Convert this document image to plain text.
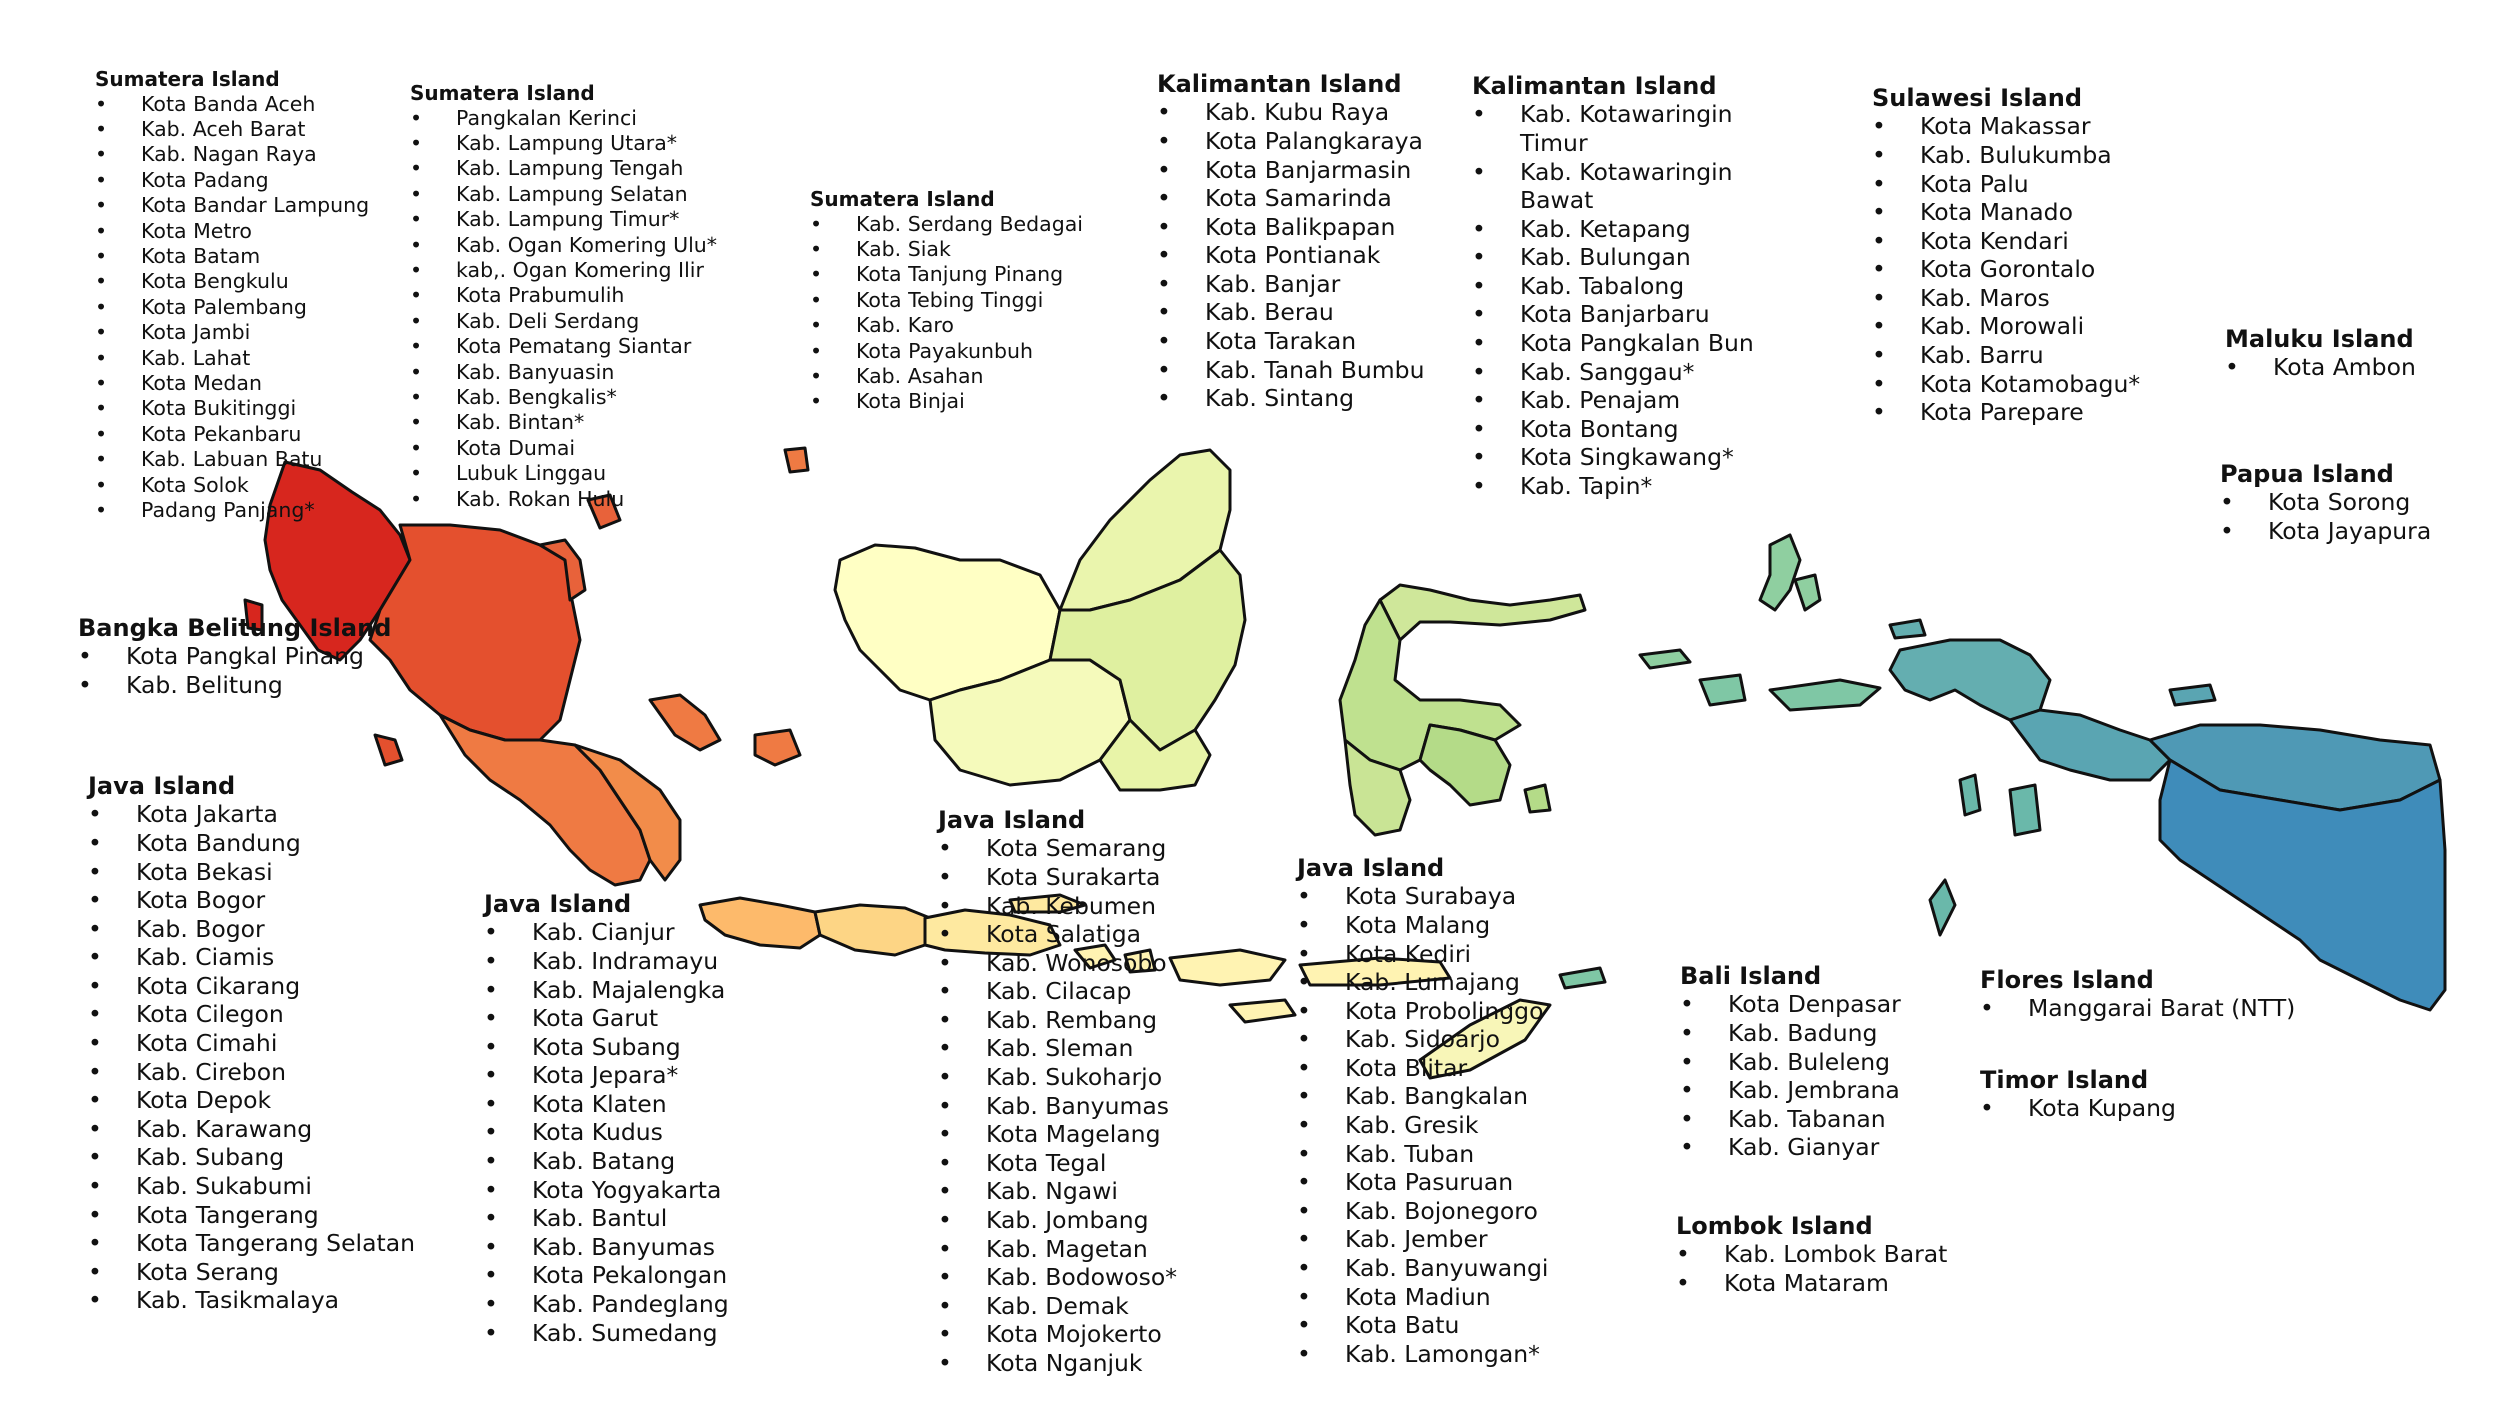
Sumatera Island
• Kota Banda Aceh
• Kab. Aceh Barat
• Kab. Nagan Raya
• Kota Padang
• Kota Bandar Lampung
• Kota Metro
• Kota Batam
• Kota Bengkulu
• Kota Palembang
• Kota Jambi
• Kab. Lahat
• Kota Medan
• Kota Bukitinggi
• Kota Pekanbaru
• Kab. Labuan Batu
• Kota Solok
• Padang Panjang*
Sumatera Island
• Pangkalan Kerinci
• Kab. Lampung Utara*
• Kab. Lampung Tengah
• Kab. Lampung Selatan
• Kab. Lampung Timur*
• Kab. Ogan Komering Ulu*
• kab,. Ogan Komering Ilir
• Kota Prabumulih
• Kab. Deli Serdang
• Kota Pematang Siantar
• Kab. Banyuasin
• Kab. Bengkalis*
• Kab. Bintan*
• Kota Dumai
• Lubuk Linggau
• Kab. Rokan Hulu
Sumatera Island
• Kab. Serdang Bedagai
• Kab. Siak
• Kota Tanjung Pinang
• Kota Tebing Tinggi
• Kab. Karo
• Kota Payakunbuh
• Kab. Asahan
• Kota Binjai
Kalimantan Island
• Kab. Kubu Raya
• Kota Palangkaraya
• Kota Banjarmasin
• Kota Samarinda
• Kota Balikpapan
• Kota Pontianak
• Kab. Banjar
• Kab. Berau
• Kota Tarakan
• Kab. Tanah Bumbu
• Kab. Sintang
Kalimantan Island
•	Kab. Kotawaringin Timur
•	Kab. Kotawaringin Bawat
•	Kab. Ketapang
•	Kab. Bulungan
•	Kab. Tabalong
•	Kota Banjarbaru
•	Kota Pangkalan Bun
•	Kab. Sanggau*
•	Kab. Penajam
•	Kota Bontang
•	Kota Singkawang*
•	Kab. Tapin*
Sulawesi Island
• Kota Makassar
• Kab. Bulukumba
• Kota Palu
• Kota Manado
• Kota Kendari
• Kota Gorontalo
• Kab. Maros
• Kab. Morowali
• Kab. Barru
• Kota Kotamobagu*
• Kota Parepare
Maluku Island
• Kota Ambon
Papua Island
• Kota Sorong
• Kota Jayapura
Bangka Belitung Island
• Kota Pangkal Pinang
• Kab. Belitung
Java Island
• Kota Jakarta
• Kota Bandung
• Kota Bekasi
• Kota Bogor
• Kab. Bogor
• Kab. Ciamis
• Kota Cikarang
• Kota Cilegon
• Kota Cimahi
• Kab. Cirebon
• Kota Depok
• Kab. Karawang
• Kab. Subang
• Kab. Sukabumi
• Kota Tangerang
• Kota Tangerang Selatan
• Kota Serang
• Kab. Tasikmalaya
Java Island
• Kab. Cianjur
• Kab. Indramayu
• Kab. Majalengka
• Kota Garut
• Kota Subang
• Kota Jepara*
• Kota Klaten
• Kota Kudus
• Kab. Batang
• Kota Yogyakarta
• Kab. Bantul
• Kab. Banyumas
• Kota Pekalongan
• Kab. Pandeglang
• Kab. Sumedang
Java Island
• Kota Semarang
• Kota Surakarta
• Kab. Kebumen
• Kota Salatiga
• Kab. Wonosobo
• Kab. Cilacap
• Kab. Rembang
• Kab. Sleman
• Kab. Sukoharjo
• Kab. Banyumas
• Kota Magelang
• Kota Tegal
• Kab. Ngawi
• Kab. Jombang
• Kab. Magetan
• Kab. Bodowoso*
• Kab. Demak
• Kota Mojokerto
• Kota Nganjuk
Java Island
• Kota Surabaya
• Kota Malang
• Kota Kediri
• Kab. Lumajang
• Kota Probolinggo
• Kab. Sidoarjo
• Kota Blitar
• Kab. Bangkalan
• Kab. Gresik
• Kab. Tuban
• Kota Pasuruan
• Kab. Bojonegoro
• Kab. Jember
• Kab. Banyuwangi
• Kota Madiun
• Kota Batu
• Kab. Lamongan*
Bali Island
• Kota Denpasar
• Kab. Badung
• Kab. Buleleng
• Kab. Jembrana
• Kab. Tabanan
• Kab. Gianyar
Lombok Island
• Kab. Lombok Barat
• Kota Mataram
Flores Island
• Manggarai Barat (NTT)
Timor Island
• Kota Kupang
